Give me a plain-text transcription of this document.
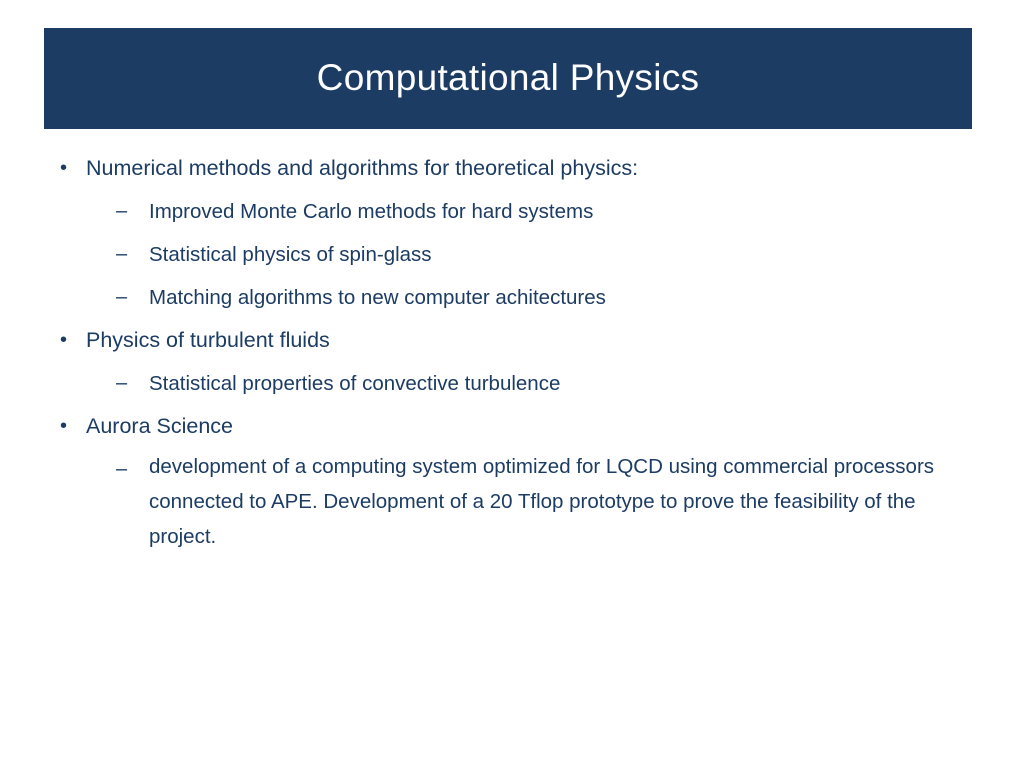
Computational Physics
• Numerical methods and algorithms for theoretical physics:
–	Improved Monte Carlo methods for hard systems
–	Statistical physics of spin-glass
–	Matching algorithms to new computer achitectures
• Physics of turbulent fluids
–	Statistical properties of convective turbulence
• Aurora Science
–	development of a computing system optimized for LQCD using commercial processors connected to APE. Development of a 20 Tflop prototype to prove the feasibility of the project.
